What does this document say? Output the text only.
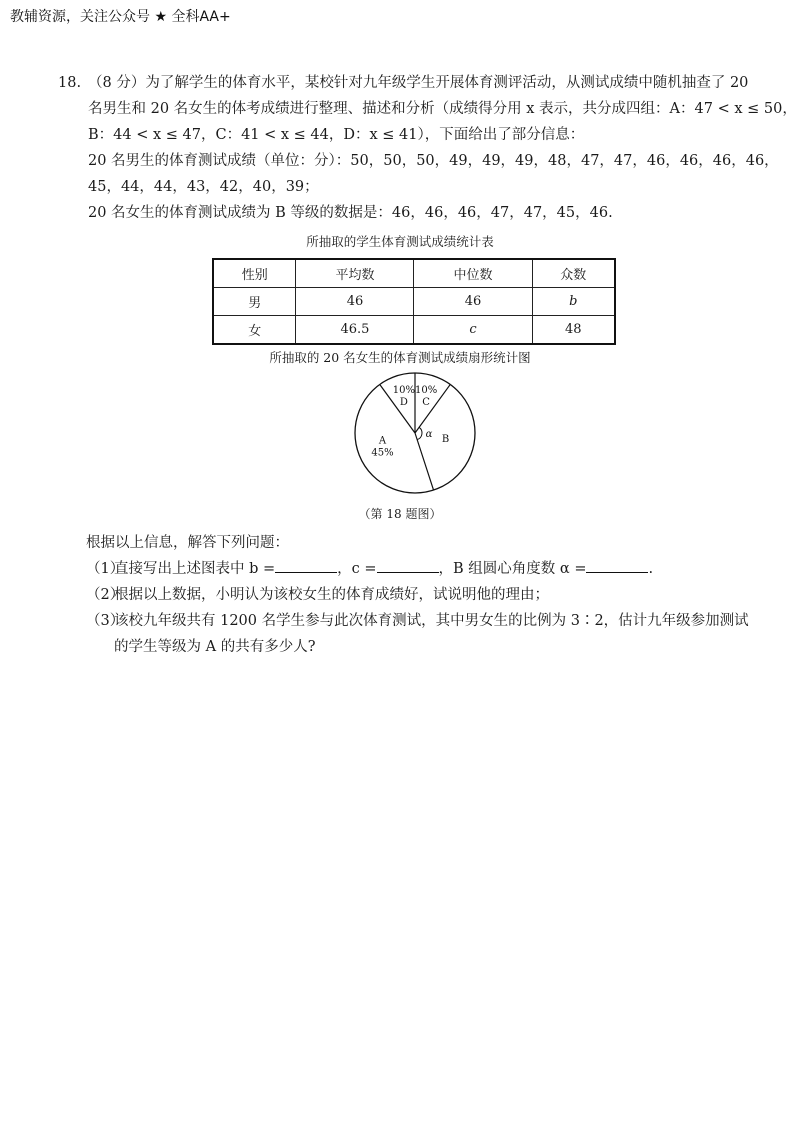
教辅资源，关注公众号 ★ 全科AA+
18. （8 分）为了解学生的体育水平，某校针对九年级学生开展体育测评活动，从测试成绩中随机抽查了 20
名男生和 20 名女生的体考成绩进行整理、描述和分析（成绩得分用 x 表示，共分成四组：A：47 < x ≤ 50，
B：44 < x ≤ 47，C：41 < x ≤ 44，D：x ≤ 41），下面给出了部分信息：
20 名男生的体育测试成绩（单位：分）：50，50，50，49，49，49，48，47，47，46，46，46，46，
45，44，44，43，42，40，39；
20 名女生的体育测试成绩为 B 等级的数据是：46，46，46，47，47，45，46.
所抽取的学生体育测试成绩统计表
性别	平均数	中位数	众数
男	46	46	b
女	46.5	c	48
所抽取的 20 名女生的体育测试成绩扇形统计图
10%
C
10%
D
A
45%
B
α
（第 18 题图）
根据以上信息，解答下列问题：
（1）直接写出上述图表中 b =	，c =	，B 组圆心角度数 α =	.
（2）根据以上数据，小明认为该校女生的体育成绩好，试说明他的理由；
（3）该校九年级共有 1200 名学生参与此次体育测试，其中男女生的比例为 3∶2，估计九年级参加测试
的学生等级为 A 的共有多少人?
